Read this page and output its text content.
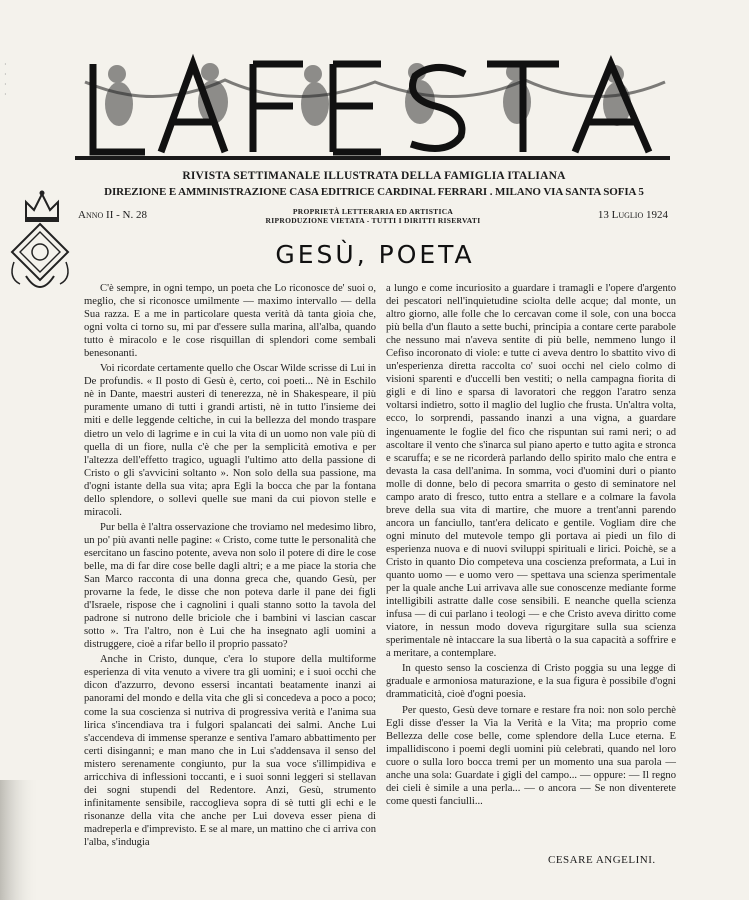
·
·
·
·
RIVISTA SETTIMANALE ILLUSTRATA DELLA FAMIGLIA ITALIANA
DIREZIONE E AMMINISTRAZIONE CASA EDITRICE CARDINAL FERRARI . MILANO VIA SANTA SOFIA 5
Anno II - N. 28	PROPRIETÀ LETTERARIA ED ARTISTICA
RIPRODUZIONE VIETATA - TUTTI I DIRITTI RISERVATI	13 Luglio 1924
GESÙ, POETA

C'è sempre, in ogni tempo, un poeta che Lo riconosce de' suoi o, meglio, che si riconosce umilmente — maximo intervallo — della Sua razza. E a me in particolare questa verità dà tanta gioia che, ogni volta ci torno su, mi par d'essere sulla marina, all'alba, quando tutto è miracolo e le cose risquillan di splendori come sembali benesonanti.

Voi ricordate certamente quello che Oscar Wilde scrisse di Lui in De profundis. « Il posto di Gesù è, certo, coi poeti... Nè in Eschilo nè in Dante, maestri austeri di tenerezza, nè in Shakespeare, il più puramente umano di tutti i grandi artisti, nè in tutto l'insieme dei miti e delle leggende celtiche, in cui la bellezza del mondo traspare dietro un velo di lagrime e in cui la vita di un uomo non vale più di quella di un fiore, nulla c'è che per la semplicità emotiva e per l'altezza dell'effetto tragico, uguagli l'ultimo atto della passione di Cristo o gli s'avvicini soltanto ». Non solo della sua passione, ma d'ogni istante della sua vita; apra Egli la bocca che par la fontana dello splendore, o sollevi quelle sue mani da cui piovon stelle e miracoli.

Pur bella è l'altra osservazione che troviamo nel medesimo libro, un po' più avanti nelle pagine: « Cristo, come tutte le personalità che esercitano un fascino potente, aveva non solo il potere di dire le cose belle, ma di far dire cose belle dagli altri; e a me piace la storia che San Marco racconta di una donna greca che, quando Gesù, per provarne la fede, le disse che non poteva darle il pane dei figli d'Israele, rispose che i cagnolini i quali stanno sotto la tavola del padrone si nutrono delle briciole che i bambini vi lascian cascar sotto ». Tra l'altro, non è Lui che ha insegnato agli uomini a distruggere, cioè a rifar bello il proprio passato?

Anche in Cristo, dunque, c'era lo stupore della multiforme esperienza di vita venuto a vivere tra gli uomini; e i suoi occhi che dicon d'azzurro, devono essersi incantati beatamente inanzi ai panorami del mondo e della vita che gli si concedeva a poco a poco; come la sua coscienza si nutriva di progressiva verità e l'anima sua lirica s'incendiava tra i fulgori spalancati dei salmi. Anche Lui s'accendeva di immense speranze e sentiva l'amaro abbattimento per certi disinganni; e man mano che in Lui s'addensava il senso del mistero serenamente congiunto, pur la sua voce s'illimpidiva e arricchiva di inflessioni toccanti, e i suoi sonni leggeri si stellavan dei sogni stupendi del Redentore. Anzi, Gesù, strumento infinitamente sensibile, raccoglieva sopra di sè tutti gli echi e le risonanze della vita che anche per Lui doveva esser piena di madreperla e d'imprevisto. E se al mare, un mattino che ci arriva con l'alba, s'indugia

a lungo e come incuriosito a guardare i tramagli e l'opere d'argento dei pescatori nell'inquietudine sciolta delle acque; dal monte, un altro giorno, alle folle che lo cercavan come il sole, con una bocca più bella d'un flauto a sette buchi, principia a contare certe parabole che nessuno mai n'aveva sentite di più belle, nemmeno lungo il Cefiso incoronato di viole: e tutte ci aveva dentro lo sbattito vivo di un'esperienza diretta raccolta co' suoi occhi nel cielo colmo di visioni sparenti e d'uccelli ben vestiti; o nella campagna fiorita di gigli e di lino e sparsa di lavoratori che reggon l'aratro senza voltarsi indietro, sotto il maglio del luglio che frusta. Un'altra volta, ecco, lo sorprendi, passando inanzi a una vigna, a guardare ingenuamente le foglie del fico che rispuntan sui rami neri; o ad ascoltare il vento che s'inarca sul piano aperto e tutto agita e stronca e scaruffa; e se ne ricorderà parlando dello spirito malo che entra e devasta la casa dell'anima. In somma, voci d'uomini duri o pianto molle di donne, belo di pecora smarrita o gesto di seminatore nel campo arato di fresco, tutto entra a stellare e a colmare la favola breve della sua vita di martire, che muore a trent'anni parendo ancora un fanciullo, tant'era delicato e gentile. Vogliam dire che ogni minuto del mutevole tempo gli portava ai piedi un filo di esperienza nuova e di nuovi sviluppi spirituali e lirici. Poichè, se a Cristo in quanto Dio competeva una coscienza preformata, a Lui in quanto uomo — e uomo vero — spettava una scienza sperimentale per la quale anche Lui arrivava alle sue conoscenze mediante forme intelligibili astratte dalle cose sensibili. E neanche quella scienza infusa — di cui parlano i teologi — e che Cristo aveva diritto come viatore, in nessun modo doveva rigurgitare sulla sua scienza sperimentale nè intaccare la sua libertà o la sua capacità a soffrire e a meritare, a contemplare.

In questo senso la coscienza di Cristo poggia su una legge di graduale e armoniosa maturazione, e la sua figura è possibile d'ogni drammaticità, cioè d'ogni poesia.

Per questo, Gesù deve tornare e restare fra noi: non solo perchè Egli disse d'esser la Via la Verità e la Vita; ma proprio come Bellezza delle cose belle, come splendore della Luce eterna. E impallidiscono i poemi degli uomini più celebrati, quando nel loro cuore o sulla loro bocca tremi per un momento una sua parola — anche una sola: Guardate i gigli del campo... — oppure: — Il regno dei cieli è simile a una perla... — o ancora — Se non diventerete come questi fanciulli...

CESARE ANGELINI.
